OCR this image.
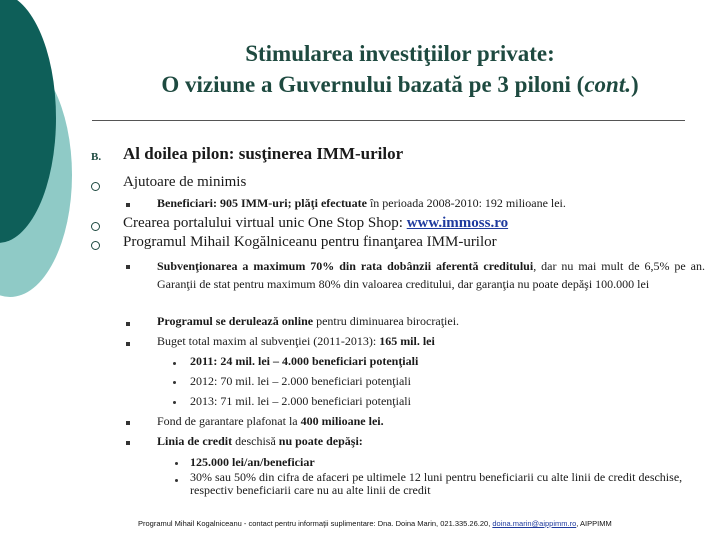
Stimularea investiţiilor private:
O viziune a Guvernului bazată pe 3 piloni (cont.)
B. Al doilea pilon: susţinerea IMM-urilor
Ajutoare de minimis
Beneficiari: 905 IMM-uri; plăţi efectuate în perioada 2008-2010: 192 milioane lei.
Crearea portalului virtual unic One Stop Shop: www.immoss.ro
Programul Mihail Kogălniceanu pentru finanţarea IMM-urilor
Subvenţionarea a maximum 70% din rata dobânzii aferentă creditului, dar nu mai mult de 6,5% pe an. Garanţii de stat pentru maximum 80% din valoarea creditului, dar garanţia nu poate depăşi 100.000 lei
Programul se derulează online pentru diminuarea birocraţiei.
Buget total maxim al subvenţiei (2011-2013): 165 mil. lei
2011: 24 mil. lei – 4.000 beneficiari potenţiali
2012: 70 mil. lei – 2.000 beneficiari potenţiali
2013: 71 mil. lei – 2.000 beneficiari potenţiali
Fond de garantare plafonat la 400 milioane lei.
Linia de credit deschisă nu poate depăşi:
125.000 lei/an/beneficiar
30% sau 50% din cifra de afaceri pe ultimele 12 luni pentru beneficiarii cu alte linii de credit deschise, respectiv beneficiarii care nu au alte linii de credit
Programul Mihail Kogalniceanu - contact pentru informaţii suplimentare: Dna. Doina Marin, 021.335.26.20, doina.marin@aippimm.ro, AIPPIMM
